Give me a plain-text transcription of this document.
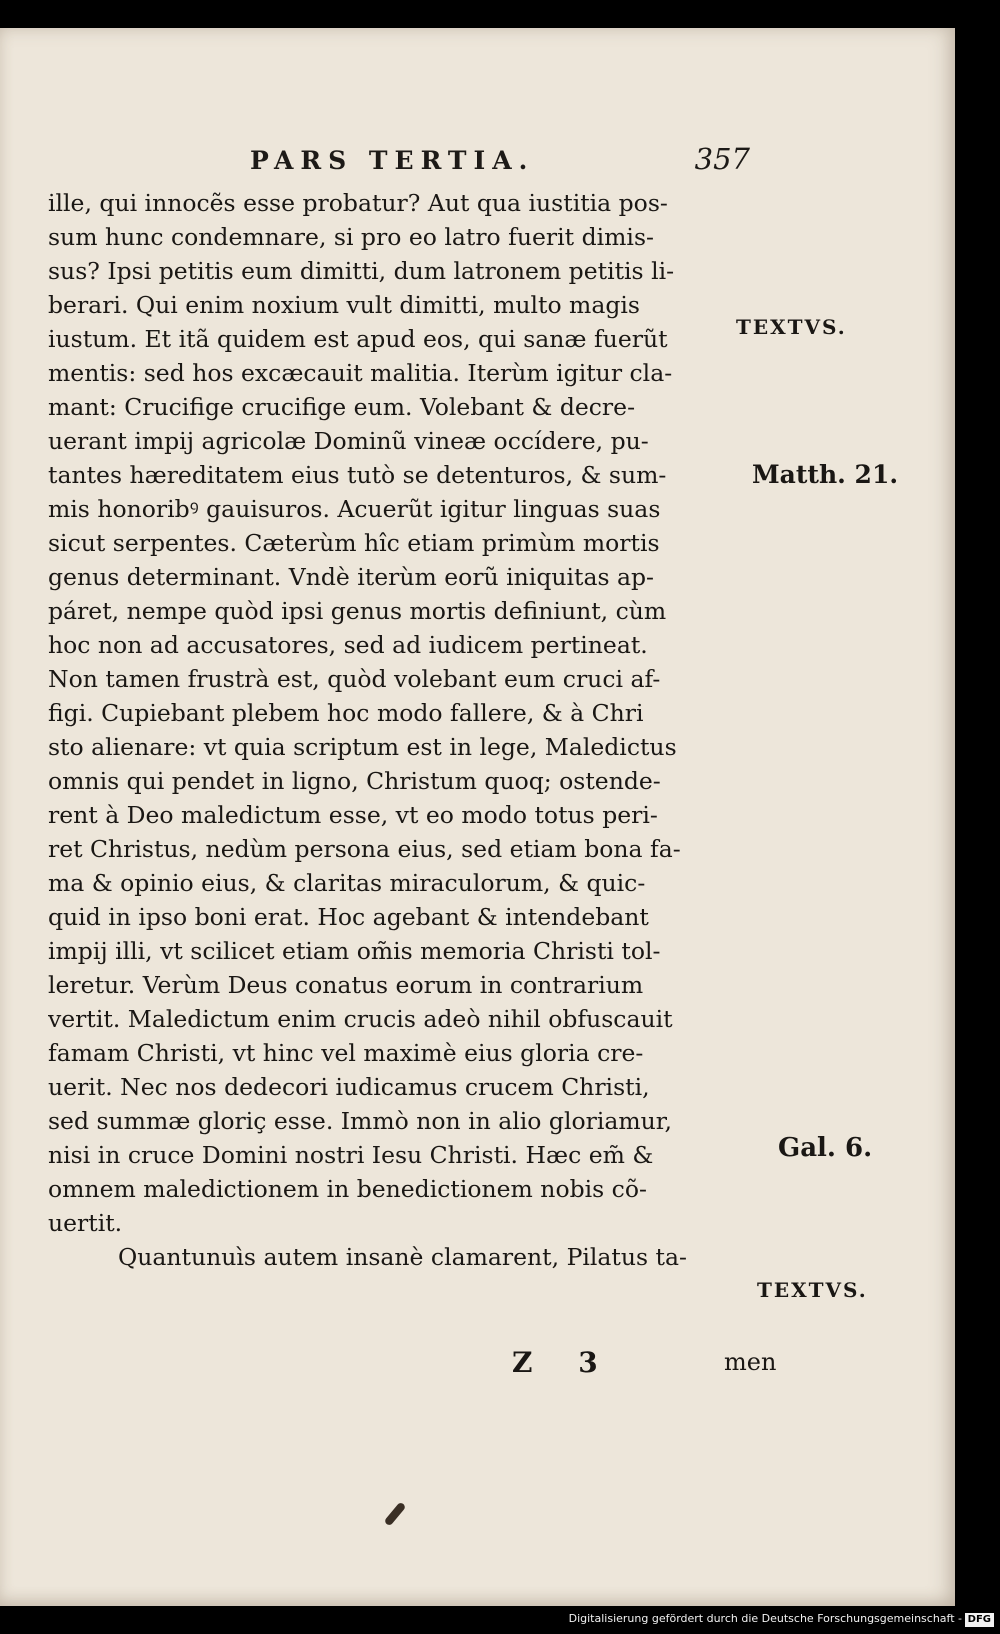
PARS TERTIA.	357
ille, qui innocẽs esse probatur? Aut qua iustitia pos-
sum hunc condemnare, si pro eo latro fuerit dimis-
sus? Ipsi petitis eum dimitti, dum latronem petitis li-
berari. Qui enim noxium vult dimitti, multo magis
iustum. Et itã quidem est apud eos, qui sanæ fuerũt
mentis: sed hos excæcauit malitia. Iterùm igitur cla-
mant: Crucifige crucifige eum. Volebant & decre-
uerant impij agricolæ Dominũ vineæ occídere, pu-
tantes hæreditatem eius tutò se detenturos, & sum-
mis honoribꝰ gauisuros. Acuerũt igitur linguas suas
sicut serpentes. Cæterùm hîc etiam primùm mortis
genus determinant. Vndè iterùm eorũ iniquitas ap-
páret, nempe quòd ipsi genus mortis definiunt, cùm
hoc non ad accusatores, sed ad iudicem pertineat.
Non tamen frustrà est, quòd volebant eum cruci af-
figi. Cupiebant plebem hoc modo fallere, & à Chri
sto alienare: vt quia scriptum est in lege, Maledictus
omnis qui pendet in ligno, Christum quoq; ostende-
rent à Deo maledictum esse, vt eo modo totus peri-
ret Christus, nedùm persona eius, sed etiam bona fa-
ma & opinio eius, & claritas miraculorum, & quic-
quid in ipso boni erat. Hoc agebant & intendebant
impij illi, vt scilicet etiam om̃is memoria Christi tol-
leretur. Verùm Deus conatus eorum in contrarium
vertit. Maledictum enim crucis adeò nihil obfuscauit
famam Christi, vt hinc vel maximè eius gloria cre-
uerit. Nec nos dedecori iudicamus crucem Christi,
sed summæ gloriç esse. Immò non in alio gloriamur,
nisi in cruce Domini nostri Iesu Christi. Hæc em̃ &
omnem maledictionem in benedictionem nobis cõ-
uertit.
Quantunuìs autem insanè clamarent, Pilatus ta-
TEXTVS.
Matth. 21.
Gal. 6.
TEXTVS.
Z 3	men
Digitalisierung gefördert durch die Deutsche Forschungsgemeinschaft - DFG
